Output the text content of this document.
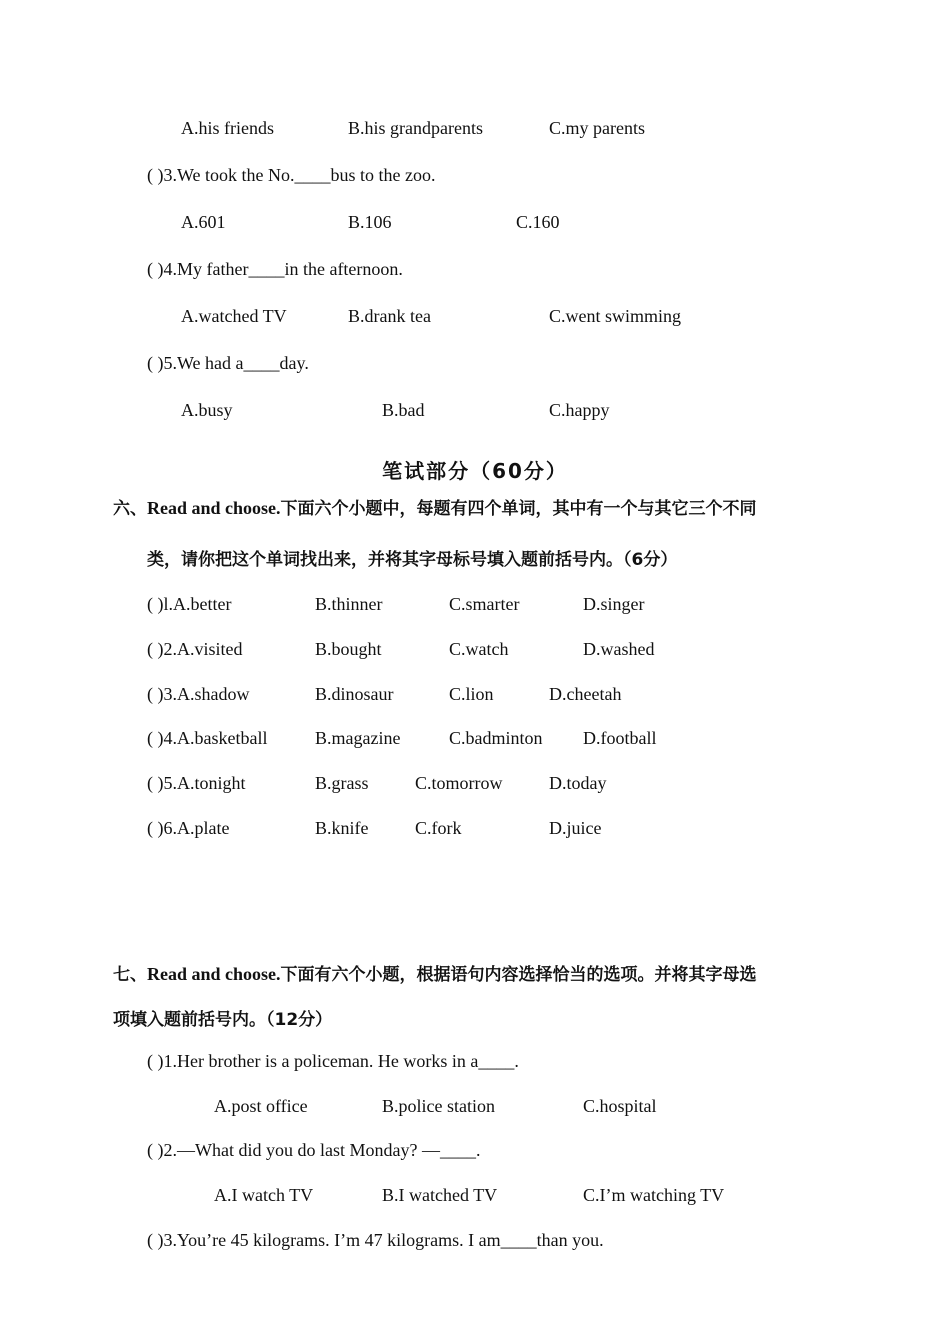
A.his friends	B.his grandparents	C.my parents
( )3.We took the No.____bus to the zoo.
A.601	B.106	C.160
( )4.My father____in the afternoon.
A.watched TV	B.drank tea	C.went swimming
( )5.We had a____day.
A.busy	B.bad	C.happy
笔试部分（60分）
六、Read and choose.下面六个小题中，每题有四个单词，其中有一个与其它三个不同
类，请你把这个单词找出来，并将其字母标号填入题前括号内。（6分）
( )l.A.better	B.thinner	C.smarter	D.singer
( )2.A.visited	B.bought	C.watch	D.washed
( )3.A.shadow	B.dinosaur	C.lion	D.cheetah
( )4.A.basketball	B.magazine	C.badminton D.football
( )5.A.tonight	B.grass	C.tomorrow	D.today
( )6.A.plate	B.knife	C.fork	D.juice
七、Read and choose.下面有六个小题，根据语句内容选择恰当的选项。并将其字母选
项填入题前括号内。（12分）
( )1.Her brother is a policeman. He works in a____.
A.post office	B.police station	C.hospital
( )2.—What did you do last Monday? —____.
A.I watch TV	B.I watched TV	C.I’m watching TV
( )3.You’re 45 kilograms. I’m 47 kilograms. I am____than you.
